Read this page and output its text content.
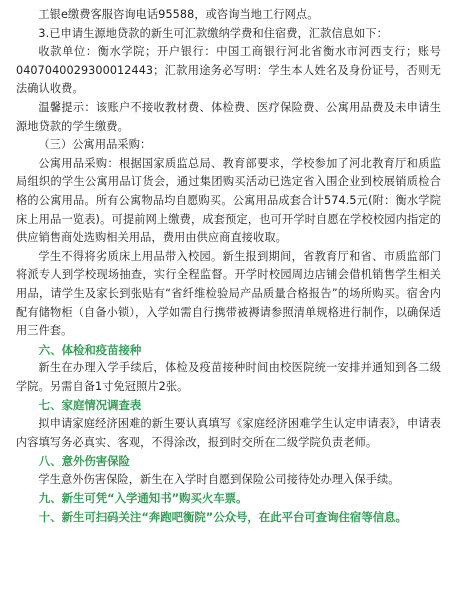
工银e缴费客服咨询电话95588，或咨询当地工行网点。

3.已申请生源地贷款的新生可汇款缴纳学费和住宿费，汇款信息如下：

收款单位：衡水学院；开户银行：中国工商银行河北省衡水市河西支行；账号0407040029300012443；汇款用途务必写明：学生本人姓名及身份证号，否则无法确认收费。

温馨提示：该账户不接收教材费、体检费、医疗保险费、公寓用品费及未申请生源地贷款的学生缴费。

（三）公寓用品采购：

公寓用品采购：根据国家质监总局、教育部要求，学校参加了河北教育厅和质监局组织的学生公寓用品订货会，通过集团购买活动已选定省入围企业到校展销质检合格的公寓用品。所有公寓物品均自愿购买。公寓用品成套合计574.5元(附：衡水学院床上用品一览表)。可提前网上缴费，成套预定，也可开学时自愿在学校校园内指定的供应销售商处选购相关用品，费用由供应商直接收取。

学生不得将劣质床上用品带入校园。新生报到期间，省教育厅和省、市质监部门将派专人到学校现场抽查，实行全程监督。开学时校园周边店铺会借机销售学生相关用品，请学生及家长到张贴有“省纤维检验局产品质量合格报告”的场所购买。宿舍内配有储物柜（自备小锁），入学如需自行携带被褥请参照清单规格进行制作，以确保适用三件套。

六、体检和疫苗接种

新生在办理入学手续后，体检及疫苗接种时间由校医院统一安排并通知到各二级学院。另需自备1寸免冠照片2张。

七、家庭情况调查表

拟申请家庭经济困难的新生要认真填写《家庭经济困难学生认定申请表》，申请表内容填写务必真实、客观，不得涂改，报到时交所在二级学院负责老师。

八、意外伤害保险

学生意外伤害保险，新生在入学时自愿到保险公司接待处办理入保手续。

九、新生可凭“入学通知书”购买火车票。

十、新生可扫码关注“奔跑吧衡院”公众号，在此平台可查询住宿等信息。
